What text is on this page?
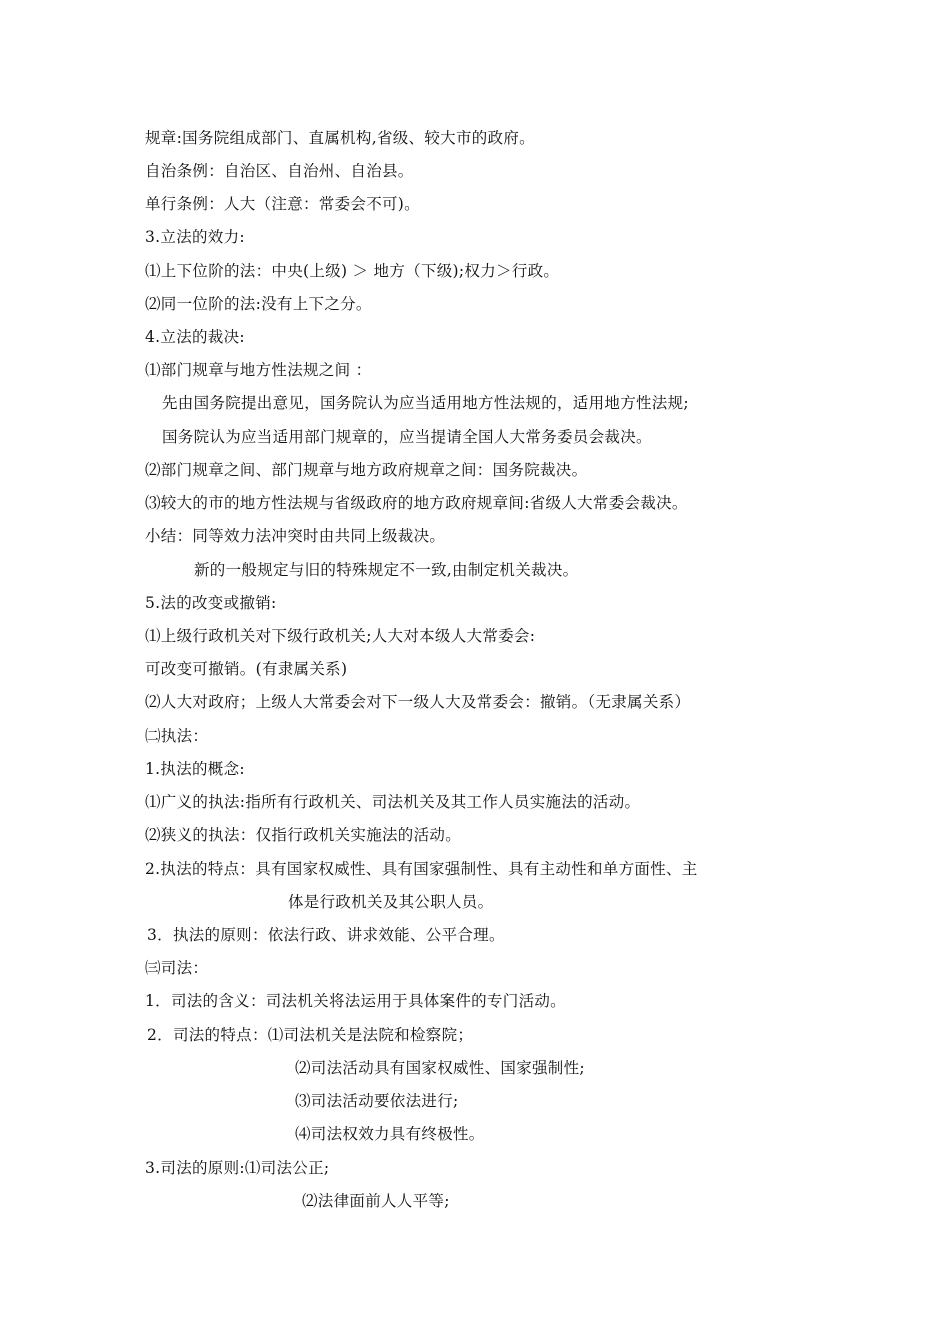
规章:国务院组成部门、直属机构,省级、较大市的政府。
自治条例：自治区、自治州、自治县。
单行条例：人大（注意：常委会不可)。
3.立法的效力:
⑴上下位阶的法：中央(上级) ＞ 地方（下级);权力＞行政。
⑵同一位阶的法:没有上下之分。
4.立法的裁决:
⑴部门规章与地方性法规之间 ：
先由国务院提出意见，国务院认为应当适用地方性法规的，适用地方性法规;
国务院认为应当适用部门规章的，应当提请全国人大常务委员会裁决。
⑵部门规章之间、部门规章与地方政府规章之间：国务院裁决。
⑶较大的市的地方性法规与省级政府的地方政府规章间:省级人大常委会裁决。
小结：同等效力法冲突时由共同上级裁决。
新的一般规定与旧的特殊规定不一致,由制定机关裁决。
5.法的改变或撤销:
⑴上级行政机关对下级行政机关;人大对本级人大常委会:
可改变可撤销。(有隶属关系)
⑵人大对政府；上级人大常委会对下一级人大及常委会：撤销。（无隶属关系）
㈡执法：
1.执法的概念:
⑴广义的执法:指所有行政机关、司法机关及其工作人员实施法的活动。
⑵狭义的执法：仅指行政机关实施法的活动。
2.执法的特点：具有国家权威性、具有国家强制性、具有主动性和单方面性、主
体是行政机关及其公职人员。
3．执法的原则：依法行政、讲求效能、公平合理。
㈢司法：
1．司法的含义：司法机关将法运用于具体案件的专门活动。
2．司法的特点：⑴司法机关是法院和检察院；
⑵司法活动具有国家权威性、国家强制性;
⑶司法活动要依法进行;
⑷司法权效力具有终极性。
3.司法的原则:⑴司法公正;
⑵法律面前人人平等;
